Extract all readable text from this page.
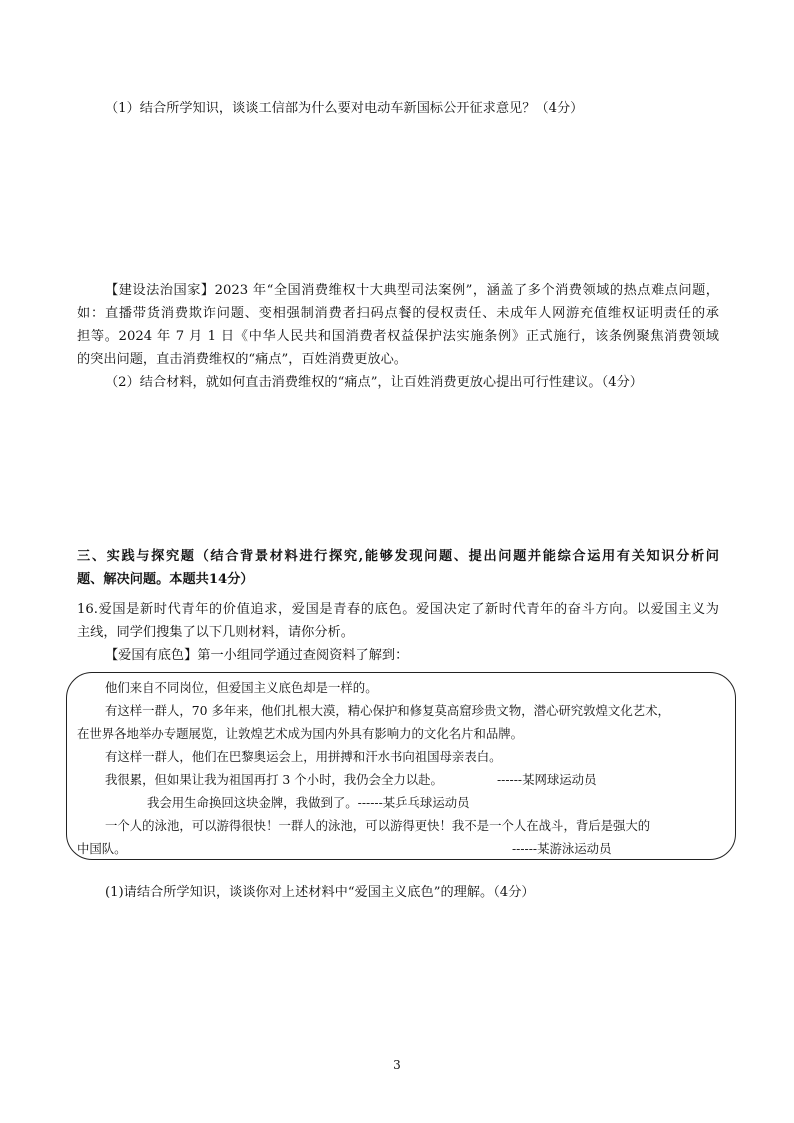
（1）结合所学知识，谈谈工信部为什么要对电动车新国标公开征求意见？（4分）
【建设法治国家】2023 年“全国消费维权十大典型司法案例”，涵盖了多个消费领域的热点难点问题，
如：直播带货消费欺诈问题、变相强制消费者扫码点餐的侵权责任、未成年人网游充值维权证明责任的承
担等。2024 年 7 月 1 日《中华人民共和国消费者权益保护法实施条例》正式施行，该条例聚焦消费领域
的突出问题，直击消费维权的“痛点”，百姓消费更放心。
（2）结合材料，就如何直击消费维权的“痛点”，让百姓消费更放心提出可行性建议。（4分）
三、实践与探究题（结合背景材料进行探究,能够发现问题、提出问题并能综合运用有关知识分析问
题、解决问题。本题共14分）
16.爱国是新时代青年的价值追求，爱国是青春的底色。爱国决定了新时代青年的奋斗方向。以爱国主义为
主线，同学们搜集了以下几则材料，请你分析。
【爱国有底色】第一小组同学通过查阅资料了解到：
他们来自不同岗位，但爱国主义底色却是一样的。
有这样一群人，70 多年来，他们扎根大漠，精心保护和修复莫高窟珍贵文物，潜心研究敦煌文化艺术，
在世界各地举办专题展览，让敦煌艺术成为国内外具有影响力的文化名片和品牌。
有这样一群人，他们在巴黎奥运会上，用拼搏和汗水书向祖国母亲表白。
我很累，但如果让我为祖国再打 3 个小时，我仍会全力以赴。	------某网球运动员
我会用生命换回这块金牌，我做到了。------某乒乓球运动员
一个人的泳池，可以游得很快！一群人的泳池，可以游得更快！我不是一个人在战斗，背后是强大的
中国队。	------某游泳运动员
(1)请结合所学知识，谈谈你对上述材料中“爱国主义底色”的理解。（4分）
3
